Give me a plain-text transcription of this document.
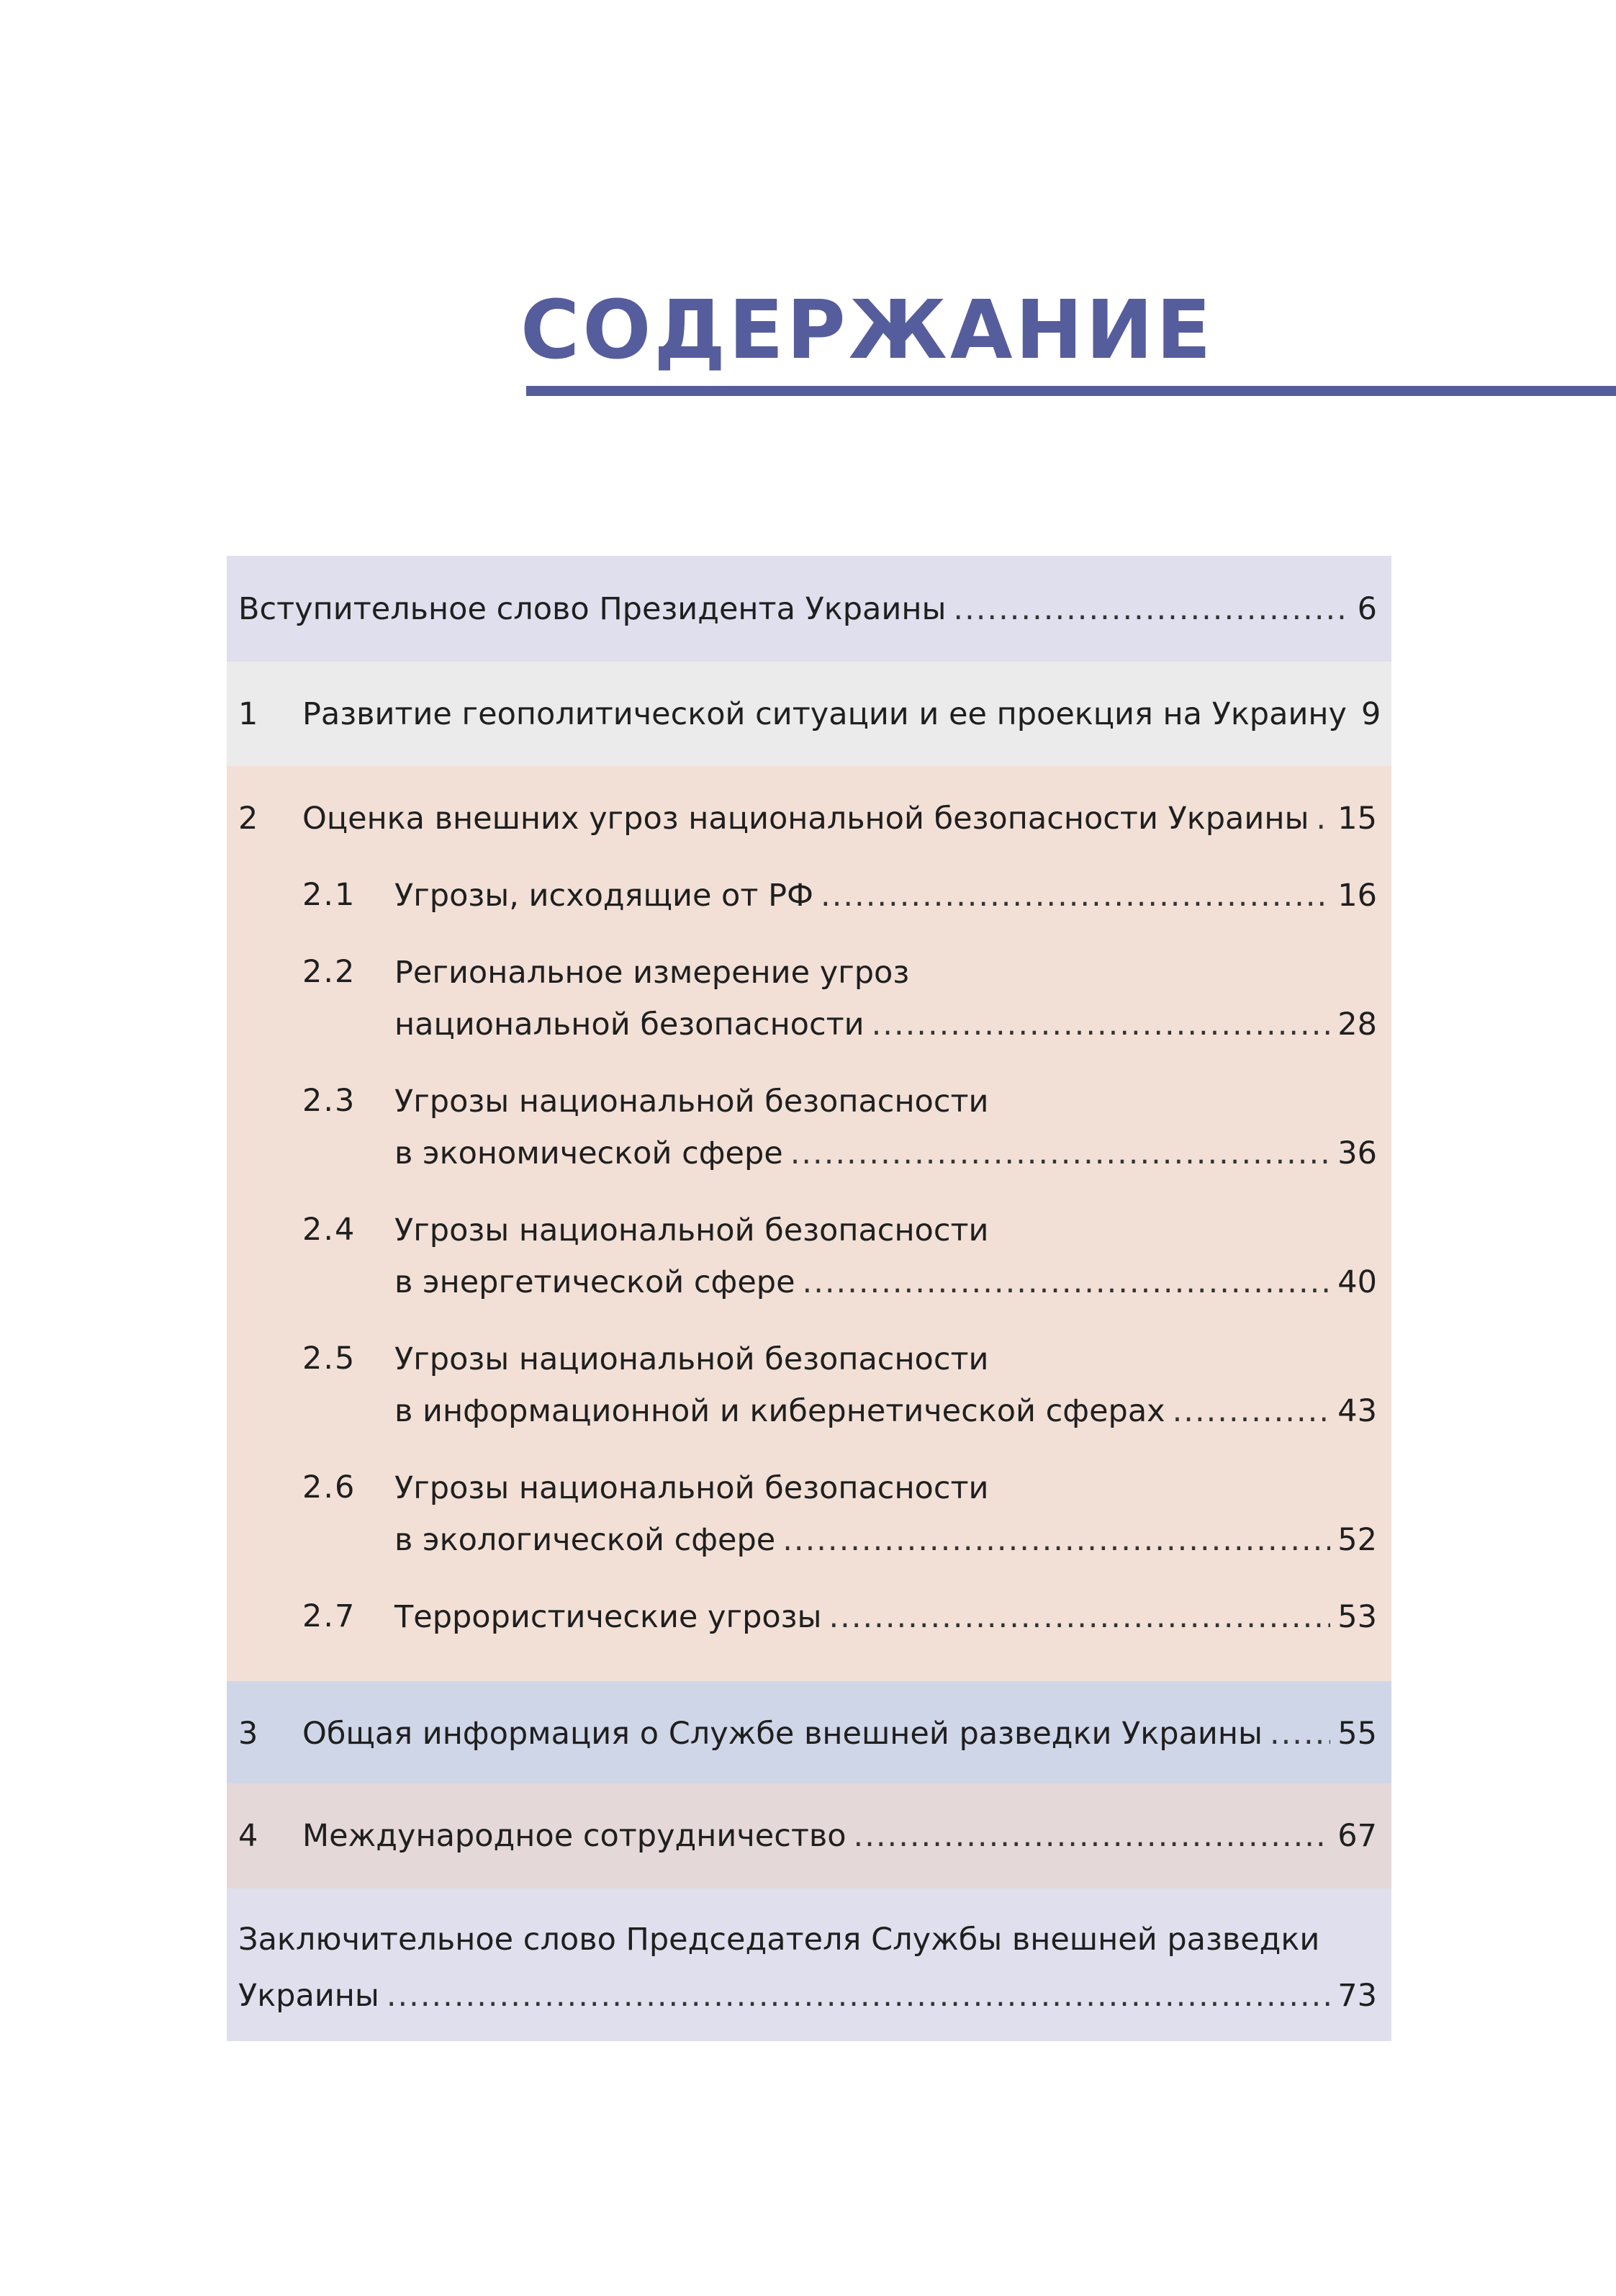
СОДЕРЖАНИЕ
Вступительное слово Президента Украины .....	6
1	Развитие геополитической ситуации и ее проекция на Украину 9
2	Оценка внешних угроз национальной безопасности Украины ..... 15
2.1	Угрозы, исходящие от РФ .....	16
2.2	Региональное измерение угроз
национальной безопасности .....	28
2.3	Угрозы национальной безопасности
в экономической сфере .....	36
2.4	Угрозы национальной безопасности
в энергетической сфере .....	40
2.5	Угрозы национальной безопасности
в информационной и кибернетической сферах .....	43
2.6	Угрозы национальной безопасности
в экологической сфере .....	52
2.7	Террористические угрозы .....	53
3	Общая информация о Службе внешней разведки Украины ..... 55
4	Международное сотрудничество .....	67
Заключительное слово Председателя Службы внешней разведки
Украины .....	73
